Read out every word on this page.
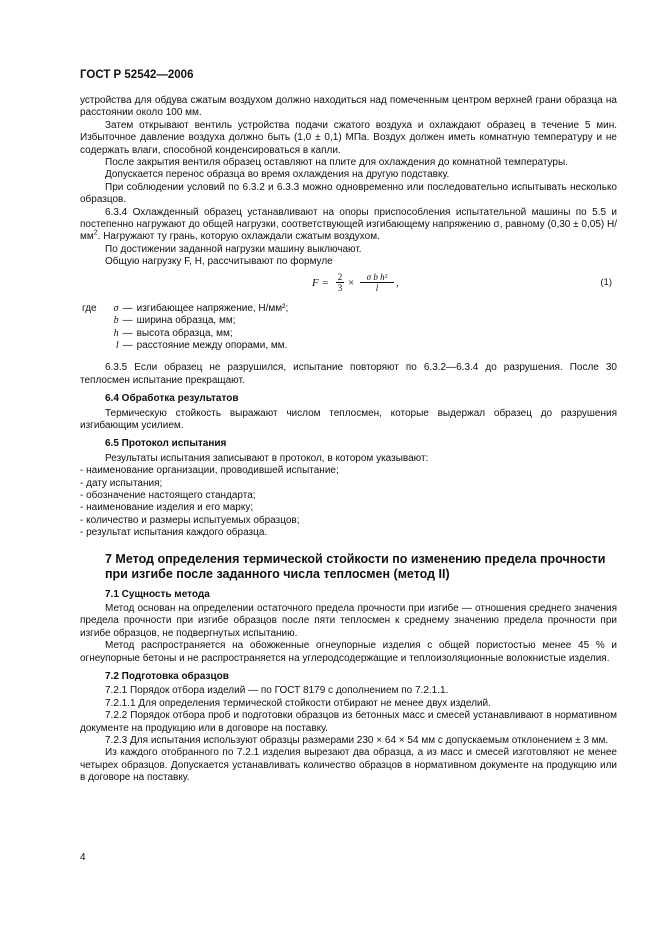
ГОСТ Р 52542—2006

устройства для обдува сжатым воздухом должно находиться над помеченным центром верхней грани образца на расстоянии около 100 мм.

Затем открывают вентиль устройства подачи сжатого воздуха и охлаждают образец в течение 5 мин. Избыточное давление воздуха должно быть (1,0 ± 0,1) МПа. Воздух должен иметь комнатную температуру и не содержать влаги, способной конденсироваться в капли.

После закрытия вентиля образец оставляют на плите для охлаждения до комнатной температуры.

Допускается перенос образца во время охлаждения на другую подставку.

При соблюдении условий по 6.3.2 и 6.3.3 можно одновременно или последовательно испытывать несколько образцов.

6.3.4 Охлажденный образец устанавливают на опоры приспособления испытательной машины по 5.5 и постепенно нагружают до общей нагрузки, соответствующей изгибающему напряжению σ, равному (0,30 ± 0,05) $Н/мм^2$. Нагружают ту грань, которую охлаждали сжатым воздухом.

По достижении заданной нагрузки машину выключают.

Общую нагрузку F, Н, рассчитывают по формуле

$F = \frac{2}{3} \times \frac{\text{σ b h²}}{l}$ ,	(1)
где	σ	—	изгибающее напряжение, Н/мм²;
	b	—	ширина образца, мм;
	h	—	высота образца, мм;
	l	—	расстояние между опорами, мм.

6.3.5 Если образец не разрушился, испытание повторяют по 6.3.2—6.3.4 до разрушения. После 30 теплосмен испытание прекращают.

6.4 Обработка результатов

Термическую стойкость выражают числом теплосмен, которые выдержал образец до разрушения изгибающим усилием.

6.5 Протокол испытания

Результаты испытания записывают в протокол, в котором указывают:

- наименование организации, проводившей испытание;
- дату испытания;
- обозначение настоящего стандарта;
- наименование изделия и его марку;
- количество и размеры испытуемых образцов;
- результат испытания каждого образца.

7 Метод определения термической стойкости по изменению предела прочности при изгибе после заданного числа теплосмен (метод II)

7.1 Сущность метода

Метод основан на определении остаточного предела прочности при изгибе — отношения среднего значения предела прочности при изгибе образцов после пяти теплосмен к среднему значению предела прочности при изгибе образцов, не подвергнутых испытанию.

Метод распространяется на обожженные огнеупорные изделия с общей пористостью менее 45 % и огнеупорные бетоны и не распространяется на углеродсодержащие и теплоизоляционные волокнистые изделия.

7.2 Подготовка образцов

7.2.1 Порядок отбора изделий — по ГОСТ 8179 с дополнением по 7.2.1.1.

7.2.1.1 Для определения термической стойкости отбирают не менее двух изделий.

7.2.2 Порядок отбора проб и подготовки образцов из бетонных масс и смесей устанавливают в нормативном документе на продукцию или в договоре на поставку.

7.2.3 Для испытания используют образцы размерами 230 × 64 × 54 мм с допускаемым отклонением ± 3 мм.

Из каждого отобранного по 7.2.1 изделия вырезают два образца, а из масс и смесей изготовляют не менее четырех образцов. Допускается устанавливать количество образцов в нормативном документе на продукцию или в договоре на поставку.

4
